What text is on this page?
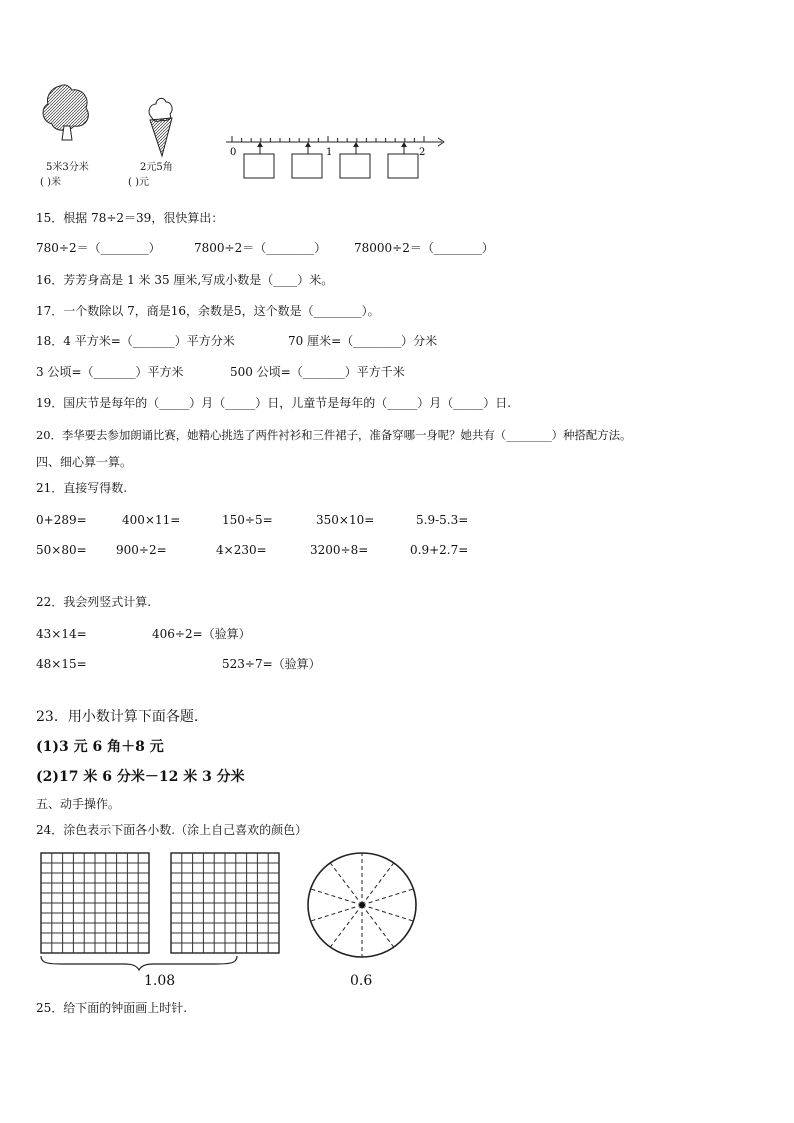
5米3分米
( )米
2元5角
( )元
0	1	2
15．根据 78÷2＝39，很快算出：
780÷2＝（________）	7800÷2＝（________） 78000÷2＝（________）
16．芳芳身高是 1 米 35 厘米,写成小数是（____）米。
17．一个数除以 7，商是16，余数是5，这个数是（________）。
18．4 平方米=（_______）平方分米	70 厘米=（________）分米
3 公顷=（_______）平方米	500 公顷=（_______）平方千米
19．国庆节是每年的（_____）月（_____）日，儿童节是每年的（_____）月（_____）日.
20．李华要去参加朗诵比赛，她精心挑选了两件衬衫和三件裙子，准备穿哪一身呢？她共有（________）种搭配方法。
四、细心算一算。
21．直接写得数.
0+289=	400×11=	150÷5=	350×10=	5.9-5.3=
50×80= 900÷2=	4×230=	3200÷8=	0.9+2.7=
22．我会列竖式计算.
43×14=	406÷2=（验算）
48×15=	523÷7=（验算）
23．用小数计算下面各题.
(1)3 元 6 角＋8 元
(2)17 米 6 分米－12 米 3 分米
五、动手操作。
24．涂色表示下面各小数.（涂上自己喜欢的颜色）
1.08	0.6
25．给下面的钟面画上时针.
